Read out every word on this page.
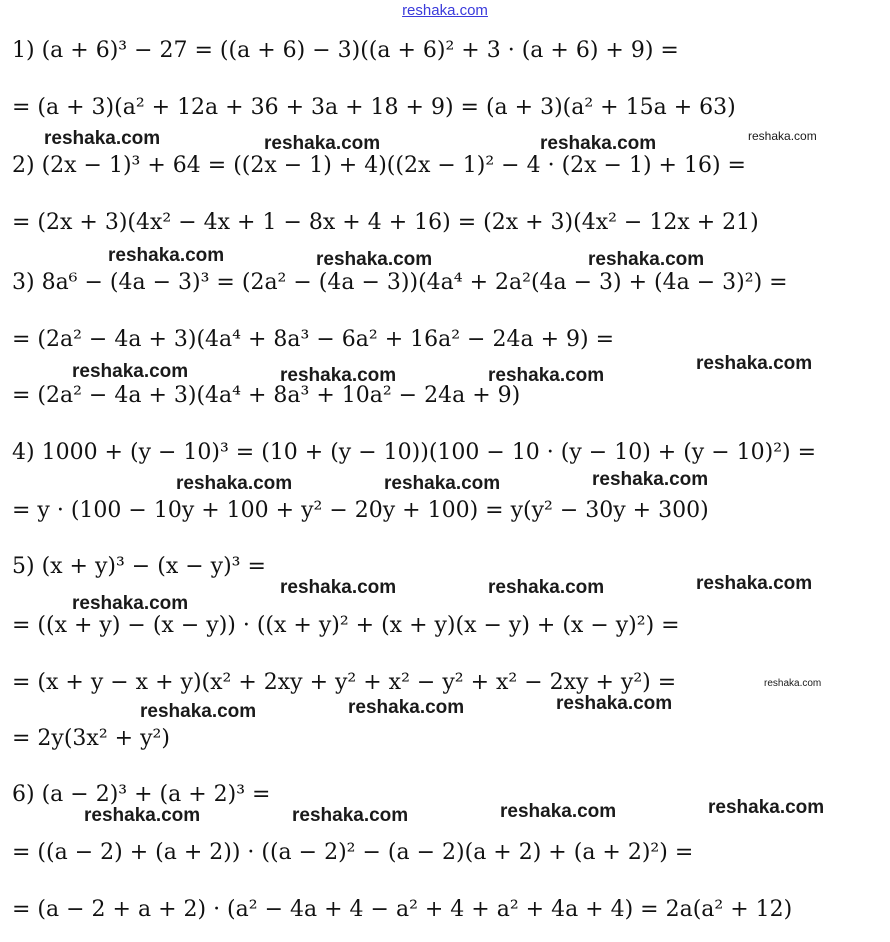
reshaka.com
1) (a + 6)³ − 27 = ((a + 6) − 3)((a + 6)² + 3 · (a + 6) + 9) =
= (a + 3)(a² + 12a + 36 + 3a + 18 + 9) = (a + 3)(a² + 15a + 63)
2) (2x − 1)³ + 64 = ((2x − 1) + 4)((2x − 1)² − 4 · (2x − 1) + 16) =
= (2x + 3)(4x² − 4x + 1 − 8x + 4 + 16) = (2x + 3)(4x² − 12x + 21)
3) 8a⁶ − (4a − 3)³ = (2a² − (4a − 3))(4a⁴ + 2a²(4a − 3) + (4a − 3)²) =
= (2a² − 4a + 3)(4a⁴ + 8a³ − 6a² + 16a² − 24a + 9) =
= (2a² − 4a + 3)(4a⁴ + 8a³ + 10a² − 24a + 9)
4) 1000 + (y − 10)³ = (10 + (y − 10))(100 − 10 · (y − 10) + (y − 10)²) =
= y · (100 − 10y + 100 + y² − 20y + 100) = y(y² − 30y + 300)
5) (x + y)³ − (x − y)³ =
= ((x + y) − (x − y)) · ((x + y)² + (x + y)(x − y) + (x − y)²) =
= (x + y − x + y)(x² + 2xy + y² + x² − y² + x² − 2xy + y²) =
= 2y(3x² + y²)
6) (a − 2)³ + (a + 2)³ =
= ((a − 2) + (a + 2)) · ((a − 2)² − (a − 2)(a + 2) + (a + 2)²) =
= (a − 2 + a + 2) · (a² − 4a + 4 − a² + 4 + a² + 4a + 4) = 2a(a² + 12)
reshaka.com	reshaka.com	reshaka.com	reshaka.com
reshaka.com	reshaka.com	reshaka.com
reshaka.com	reshaka.com	reshaka.com
reshaka.com
reshaka.com	reshaka.com	reshaka.com
reshaka.com	reshaka.com	reshaka.com
reshaka.com
reshaka.com
reshaka.com	reshaka.com	reshaka.com
reshaka.com	reshaka.com	reshaka.com	reshaka.com
